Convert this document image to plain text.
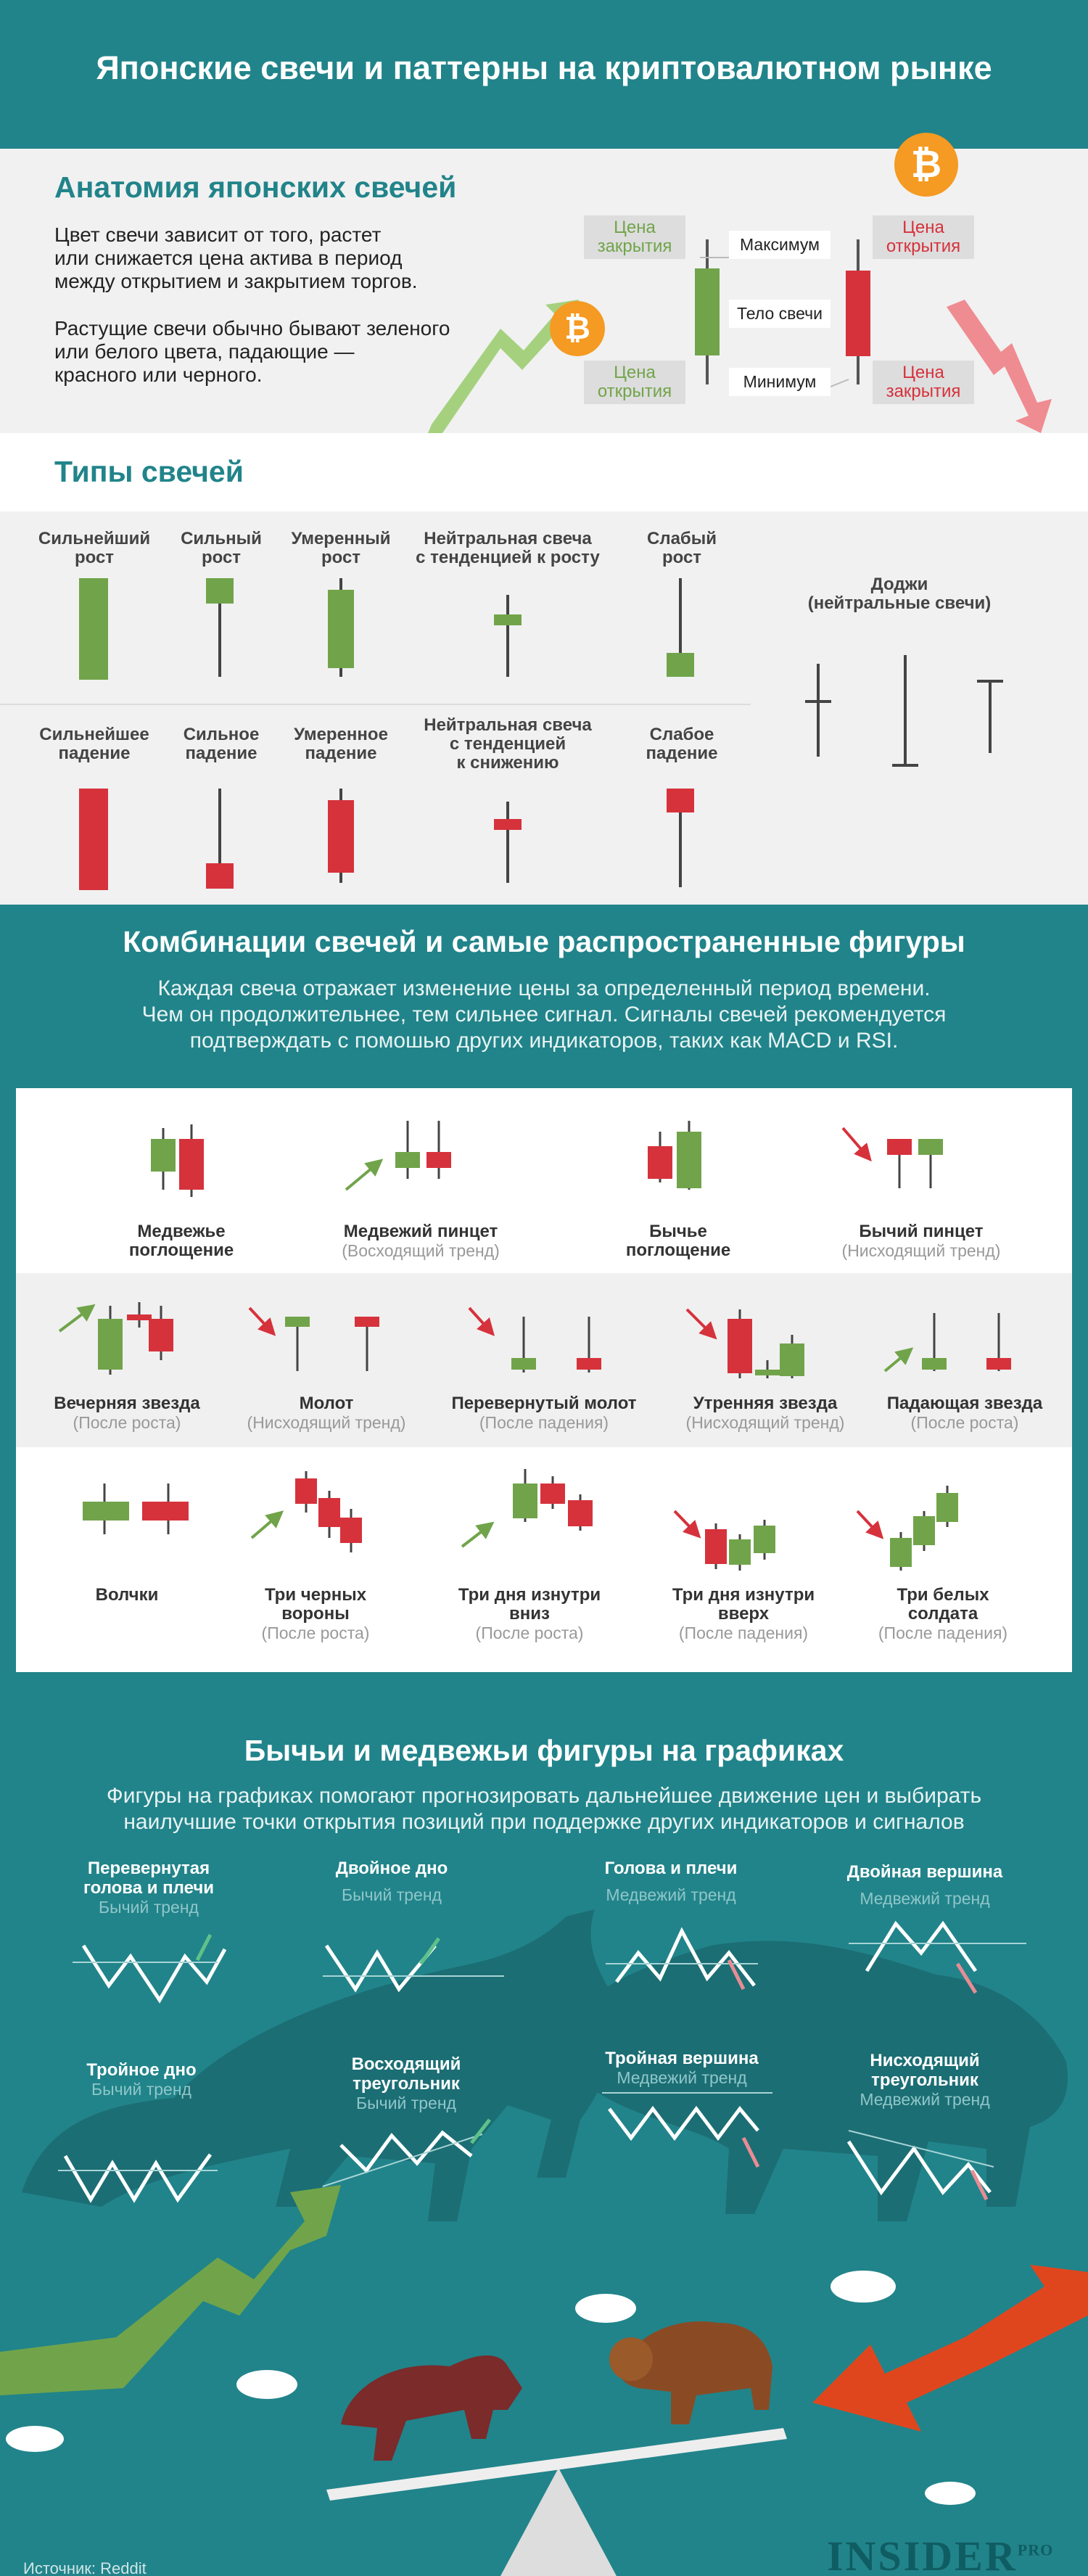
Японские свечи и паттерны на криптовалютном рынке
Анатомия японских свечей
Цвет свечи зависит от того, растет
или снижается цена актива в период
между открытием и закрытием торгов.
Растущие свечи обычно бывают зеленого
или белого цвета, падающие —
красного или черного.
₿
₿
Цена
закрытия
Цена
открытия
Цена
открытия
Цена
закрытия
Максимум
Тело свечи
Минимум
Типы свечей
Сильнейший
рост
Сильный
рост
Умеренный
рост
Нейтральная свеча
с тенденцией к росту
Слабый
рост
Сильнейшее
падение
Сильное
падение
Умеренное
падение
Нейтральная свеча
с тенденцией
к снижению
Слабое
падение
Доджи
(нейтральные свечи)
Комбинации свечей и самые распространенные фигуры
Каждая свеча отражает изменение цены за определенный период времени.
Чем он продолжительнее, тем сильнее сигнал. Сигналы свечей рекомендуется
подтверждать с помошью других индикаторов, таких как MACD и RSI.
Медвежье
поглощение
Медвежий пинцет
(Восходящий тренд)
Бычье
поглощение
Бычий пинцет
(Нисходящий тренд)
Вечерняя звезда
(После роста)
Молот
(Нисходящий тренд)
Перевернутый молот
(После падения)
Утренняя звезда
(Нисходящий тренд)
Падающая звезда
(После роста)
Волчки	Три черных
вороны
(После роста)
Три дня изнутри
вниз
(После роста)
Три дня изнутри
вверх
(После падения)
Три белых
солдата
(После падения)
Бычьи и медвежьи фигуры на графиках
Фигуры на графиках помогают прогнозировать дальнейшее движение цен и выбирать
наилучшие точки открытия позиций при поддержке других индикаторов и сигналов
Перевернутая
голова и плечи
Бычий тренд
Двойное дно
Бычий тренд
Голова и плечи
Медвежий тренд
Двойная вершина
Медвежий тренд
Тройное дно
Бычий тренд
Восходящий
треугольник
Бычий тренд
Тройная вершина
Медвежий тренд
Нисходящий
треугольник
Медвежий тренд
Источник: Reddit	$INSIDER^{PRO}$
